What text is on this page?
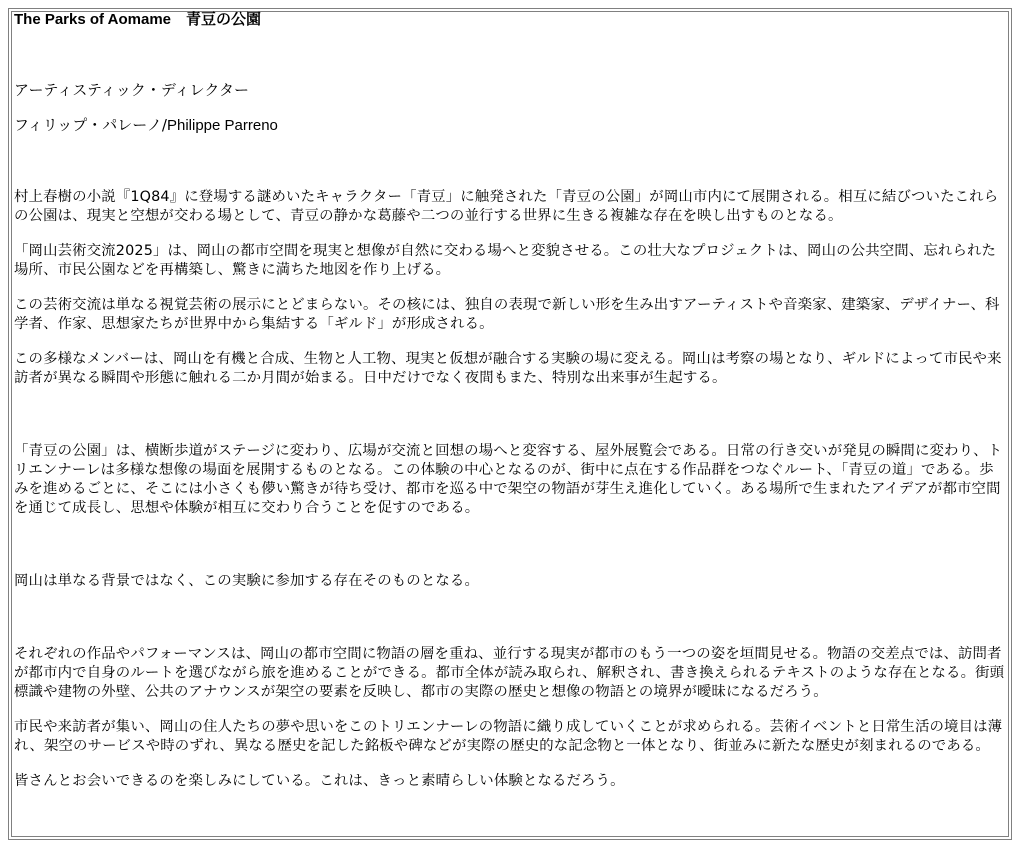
The Parks of Aomame　青豆の公園
アーティスティック・ディレクター
フィリップ・パレーノ/Philippe Parreno

村上春樹の小説『1Q84』に登場する謎めいたキャラクター「青豆」に触発された「青豆の公園」が岡山市内にて展開される。相互に結びついたこれらの公園は、現実と空想が交わる場として、青豆の静かな葛藤や二つの並行する世界に生きる複雑な存在を映し出すものとなる。

「岡山芸術交流2025」は、岡山の都市空間を現実と想像が自然に交わる場へと変貌させる。この壮大なプロジェクトは、岡山の公共空間、忘れられた場所、市民公園などを再構築し、驚きに満ちた地図を作り上げる。

この芸術交流は単なる視覚芸術の展示にとどまらない。その核には、独自の表現で新しい形を生み出すアーティストや音楽家、建築家、デザイナー、科学者、作家、思想家たちが世界中から集結する「ギルド」が形成される。

この多様なメンバーは、岡山を有機と合成、生物と人工物、現実と仮想が融合する実験の場に変える。岡山は考察の場となり、ギルドによって市民や来訪者が異なる瞬間や形態に触れる二か月間が始まる。日中だけでなく夜間もまた、特別な出来事が生起する。

「青豆の公園」は、横断歩道がステージに変わり、広場が交流と回想の場へと変容する、屋外展覧会である。日常の行き交いが発見の瞬間に変わり、トリエンナーレは多様な想像の場面を展開するものとなる。この体験の中心となるのが、街中に点在する作品群をつなぐルート、「青豆の道」である。歩みを進めるごとに、そこには小さくも儚い驚きが待ち受け、都市を巡る中で架空の物語が芽生え進化していく。ある場所で生まれたアイデアが都市空間を通じて成長し、思想や体験が相互に交わり合うことを促すのである。

岡山は単なる背景ではなく、この実験に参加する存在そのものとなる。

それぞれの作品やパフォーマンスは、岡山の都市空間に物語の層を重ね、並行する現実が都市のもう一つの姿を垣間見せる。物語の交差点では、訪問者が都市内で自身のルートを選びながら旅を進めることができる。都市全体が読み取られ、解釈され、書き換えられるテキストのような存在となる。街頭標識や建物の外壁、公共のアナウンスが架空の要素を反映し、都市の実際の歴史と想像の物語との境界が曖昧になるだろう。

市民や来訪者が集い、岡山の住人たちの夢や思いをこのトリエンナーレの物語に織り成していくことが求められる。芸術イベントと日常生活の境目は薄れ、架空のサービスや時のずれ、異なる歴史を記した銘板や碑などが実際の歴史的な記念物と一体となり、街並みに新たな歴史が刻まれるのである。

皆さんとお会いできるのを楽しみにしている。これは、きっと素晴らしい体験となるだろう。
